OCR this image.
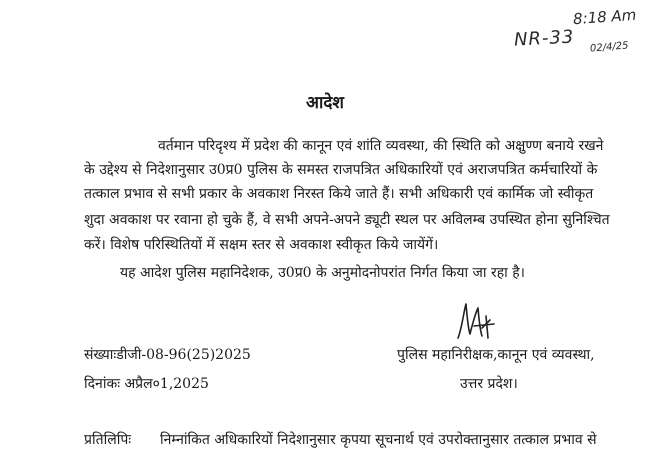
8:18 Am
NR-33 02/4/25
आदेश
वर्तमान परिदृश्य में प्रदेश की कानून एवं शांति व्यवस्था, की स्थिति को अक्षुण्ण बनाये रखने
के उद्देश्य से निदेशानुसार उ0प्र0 पुलिस के समस्त राजपत्रित अधिकारियों एवं अराजपत्रित कर्मचारियों के
तत्काल प्रभाव से सभी प्रकार के अवकाश निरस्त किये जाते हैं। सभी अधिकारी एवं कार्मिक जो स्वीकृत
शुदा अवकाश पर रवाना हो चुके हैं, वे सभी अपने-अपने ड्यूटी स्थल पर अविलम्ब उपस्थित होना सुनिश्चित
करें। विशेष परिस्थितियों में सक्षम स्तर से अवकाश स्वीकृत किये जायेंगें।
यह आदेश पुलिस महानिदेशक, उ0प्र0 के अनुमोदनोपरांत निर्गत किया जा रहा है।
संख्याःडीजी-08-96(25)2025
दिनांकः अप्रैल०1,2025
पुलिस महानिरीक्षक,कानून एवं व्यवस्था,
उत्तर प्रदेश।
प्रतिलिपिः निम्नांकित अधिकारियों निदेशानुसार कृपया सूचनार्थ एवं उपरोक्तानुसार तत्काल प्रभाव से
